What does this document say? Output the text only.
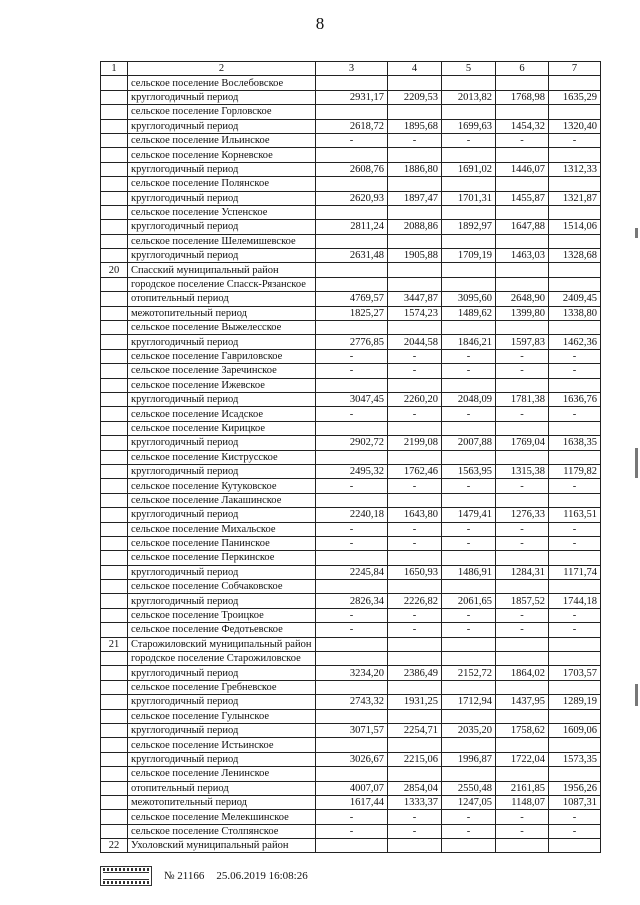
8
1	2	3	4	5	6	7
	сельское поселение Вослебовское					
	круглогодичный период	2931,17	2209,53	2013,82	1768,98	1635,29
	сельское поселение Горловское					
	круглогодичный период	2618,72	1895,68	1699,63	1454,32	1320,40
	сельское поселение Ильинское	-	-	-	-	-
	сельское поселение Корневское					
	круглогодичный период	2608,76	1886,80	1691,02	1446,07	1312,33
	сельское поселение Полянское					
	круглогодичный период	2620,93	1897,47	1701,31	1455,87	1321,87
	сельское поселение Успенское					
	круглогодичный период	2811,24	2088,86	1892,97	1647,88	1514,06
	сельское поселение Шелемишевское					
	круглогодичный период	2631,48	1905,88	1709,19	1463,03	1328,68
20	Спасский муниципальный район					
	городское поселение Спасск-Рязанское					
	отопительный период	4769,57	3447,87	3095,60	2648,90	2409,45
	межотопительный период	1825,27	1574,23	1489,62	1399,80	1338,80
	сельское поселение Выжелесское					
	круглогодичный период	2776,85	2044,58	1846,21	1597,83	1462,36
	сельское поселение Гавриловское	-	-	-	-	-
	сельское поселение Заречинское	-	-	-	-	-
	сельское поселение Ижевское					
	круглогодичный период	3047,45	2260,20	2048,09	1781,38	1636,76
	сельское поселение Исадское	-	-	-	-	-
	сельское поселение Кирицкое					
	круглогодичный период	2902,72	2199,08	2007,88	1769,04	1638,35
	сельское поселение Киструсское					
	круглогодичный период	2495,32	1762,46	1563,95	1315,38	1179,82
	сельское поселение Кутуковское	-	-	-	-	-
	сельское поселение Лакашинское					
	круглогодичный период	2240,18	1643,80	1479,41	1276,33	1163,51
	сельское поселение Михальское	-	-	-	-	-
	сельское поселение Панинское	-	-	-	-	-
	сельское поселение Перкинское					
	круглогодичный период	2245,84	1650,93	1486,91	1284,31	1171,74
	сельское поселение Собчаковское					
	круглогодичный период	2826,34	2226,82	2061,65	1857,52	1744,18
	сельское поселение Троицкое	-	-	-	-	-
	сельское поселение Федотьевское	-	-	-	-	-
21	Старожиловский муниципальный район					
	городское поселение Старожиловское					
	круглогодичный период	3234,20	2386,49	2152,72	1864,02	1703,57
	сельское поселение Гребневское					
	круглогодичный период	2743,32	1931,25	1712,94	1437,95	1289,19
	сельское поселение Гулынское					
	круглогодичный период	3071,57	2254,71	2035,20	1758,62	1609,06
	сельское поселение Истьинское					
	круглогодичный период	3026,67	2215,06	1996,87	1722,04	1573,35
	сельское поселение Ленинское					
	отопительный период	4007,07	2854,04	2550,48	2161,85	1956,26
	межотопительный период	1617,44	1333,37	1247,05	1148,07	1087,31
	сельское поселение Мелекшинское	-	-	-	-	-
	сельское поселение Столпянское	-	-	-	-	-
22	Ухоловский муниципальный район					
№ 21166 25.06.2019 16:08:26
